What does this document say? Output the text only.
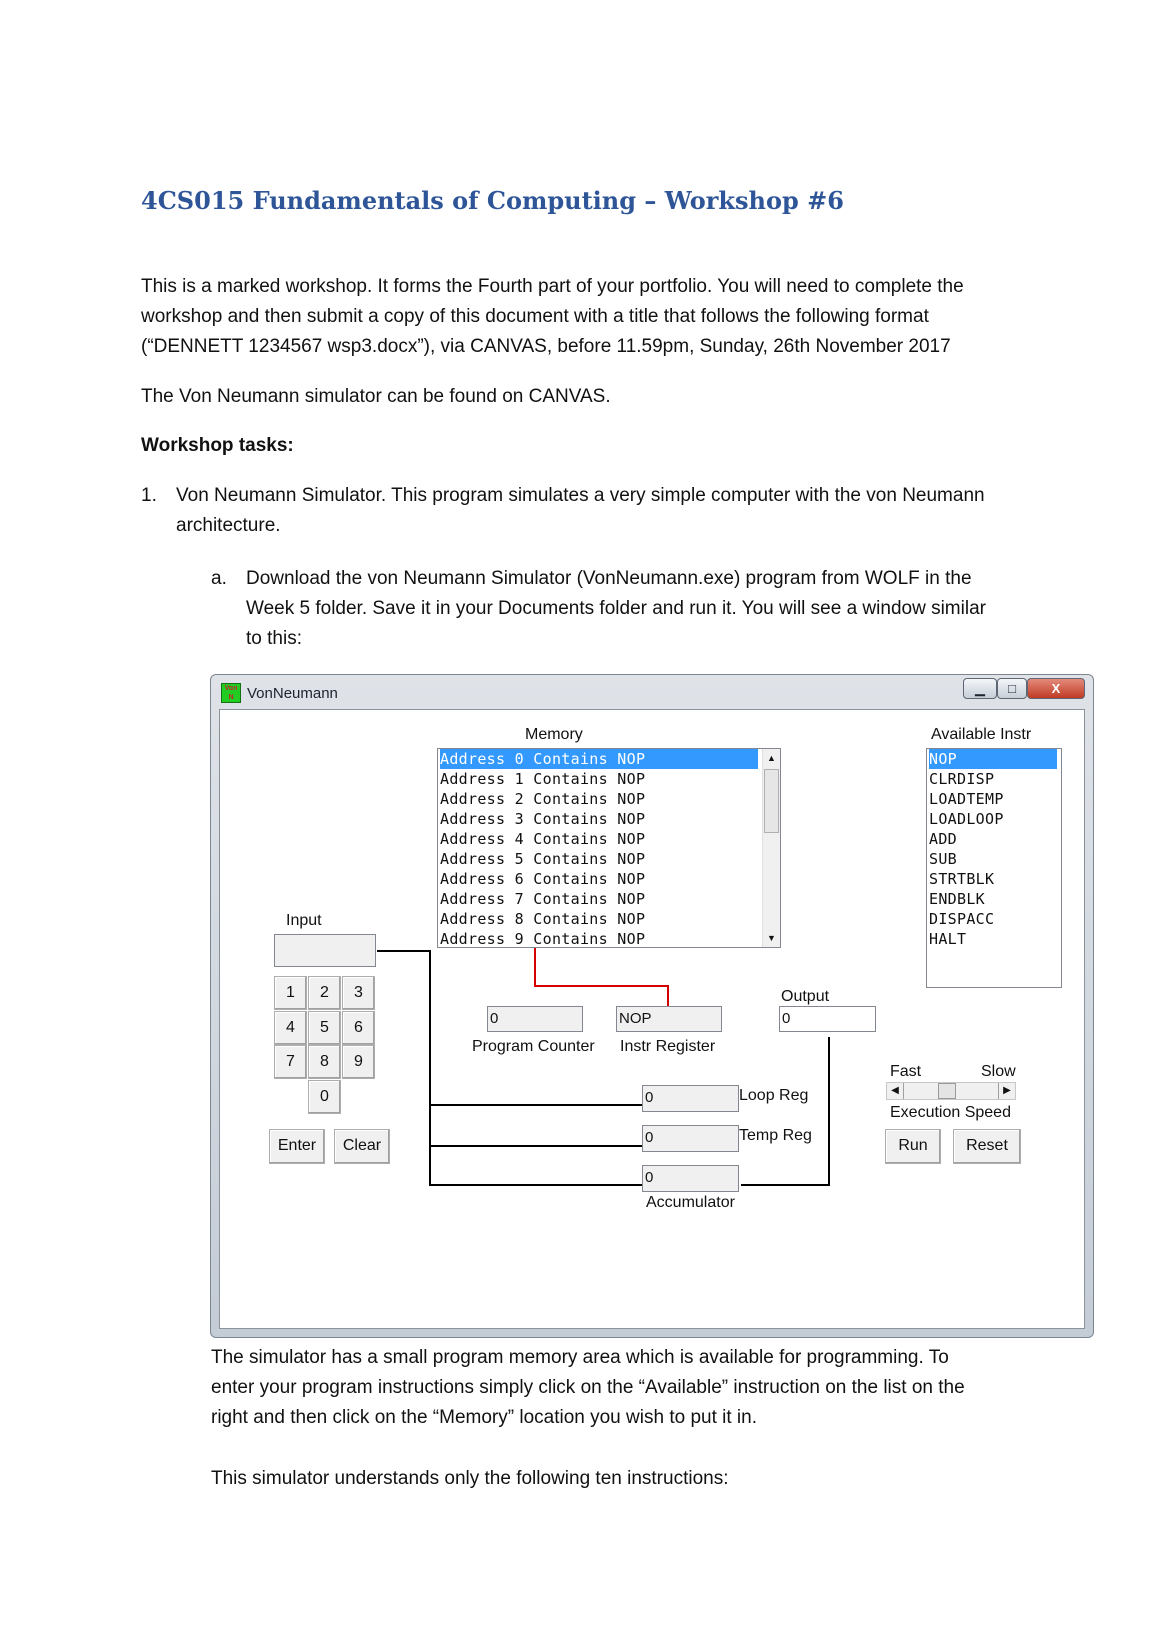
4CS015 Fundamentals of Computing – Workshop #6
This is a marked workshop. It forms the Fourth part of your portfolio. You will need to complete the
workshop and then submit a copy of this document with a title that follows the following format
(“DENNETT 1234567 wsp3.docx”), via CANVAS, before 11.59pm, Sunday, 26th November 2017
The Von Neumann simulator can be found on CANVAS.
Workshop tasks:
1. Von Neumann Simulator. This program simulates a very simple computer with the von Neumann
architecture.
a. Download the von Neumann Simulator (VonNeumann.exe) program from WOLF in the
Week 5 folder. Save it in your Documents folder and run it. You will see a window similar
to this:
Von
N VonNeumann	▁	□	X
Memory
Address 0 Contains NOP
Address 1 Contains NOP
Address 2 Contains NOP
Address 3 Contains NOP
Address 4 Contains NOP
Address 5 Contains NOP
Address 6 Contains NOP
Address 7 Contains NOP
Address 8 Contains NOP
Address 9 Contains NOP
▲
▼
Available Instr
NOP
CLRDISP
LOADTEMP
LOADLOOP
ADD
SUB
STRTBLK
ENDBLK
DISPACC
HALT
Input
1	2	3
4	5	6
7	8	9
0
Enter	Clear
0
Program Counter
NOP
Instr Register
Output
0
0	Loop Reg
0	Temp Reg
0
Accumulator
Fast	Slow
◀	▶
Execution Speed
Run	Reset
The simulator has a small program memory area which is available for programming. To
enter your program instructions simply click on the “Available” instruction on the list on the
right and then click on the “Memory” location you wish to put it in.
This simulator understands only the following ten instructions:
